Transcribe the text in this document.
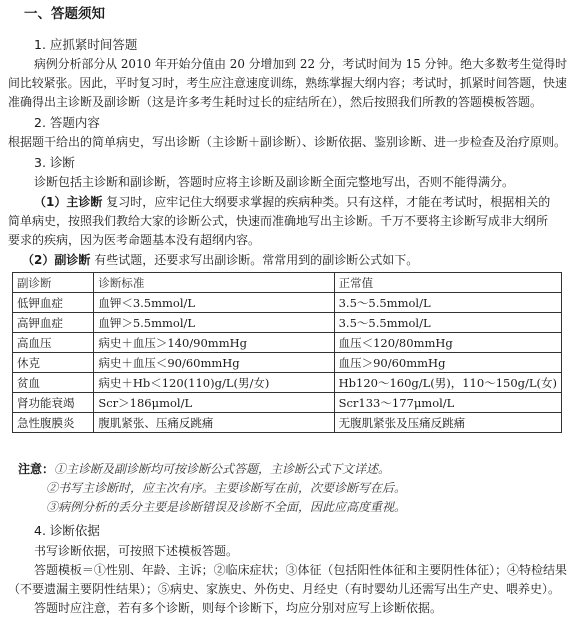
一、答题须知
1. 应抓紧时间答题
病例分析部分从 2010 年开始分值由 20 分增加到 22 分，考试时间为 15 分钟。绝大多数考生觉得时
间比较紧张。因此，平时复习时，考生应注意速度训练，熟练掌握大纲内容；考试时，抓紧时间答题，快速
准确得出主诊断及副诊断（这是许多考生耗时过长的症结所在），然后按照我们所教的答题模板答题。
2. 答题内容
根据题干给出的简单病史，写出诊断（主诊断＋副诊断）、诊断依据、鉴别诊断、进一步检查及治疗原则。
3. 诊断
诊断包括主诊断和副诊断，答题时应将主诊断及副诊断全面完整地写出，否则不能得满分。
（1）主诊断 复习时，应牢记住大纲要求掌握的疾病种类。只有这样，才能在考试时，根据相关的
简单病史，按照我们教给大家的诊断公式，快速而准确地写出主诊断。千万不要将主诊断写成非大纲所
要求的疾病，因为医考命题基本没有超纲内容。
（2）副诊断 有些试题，还要求写出副诊断。常常用到的副诊断公式如下。
副诊断	诊断标准	正常值
低钾血症	血钾＜3.5mmol/L	3.5～5.5mmol/L
高钾血症	血钾＞5.5mmol/L	3.5～5.5mmol/L
高血压	病史＋血压＞140/90mmHg	血压＜120/80mmHg
休克	病史＋血压＜90/60mmHg	血压＞90/60mmHg
贫血	病史＋Hb＜120(110)g/L(男/女)	Hb120～160g/L(男)，110～150g/L(女)
肾功能衰竭	Scr＞186μmol/L	Scr133～177μmol/L
急性腹膜炎	腹肌紧张、压痛反跳痛	无腹肌紧张及压痛反跳痛
注意：①主诊断及副诊断均可按诊断公式答题，主诊断公式下文详述。
②书写主诊断时，应主次有序。主要诊断写在前，次要诊断写在后。
③病例分析的丢分主要是诊断错误及诊断不全面，因此应高度重视。
4. 诊断依据
书写诊断依据，可按照下述模板答题。
答题模板＝①性别、年龄、主诉；②临床症状；③体征（包括阳性体征和主要阴性体征）；④特检结果
（不要遗漏主要阴性结果）；⑤病史、家族史、外伤史、月经史（有时婴幼儿还需写出生产史、喂养史）。
答题时应注意，若有多个诊断，则每个诊断下，均应分别对应写上诊断依据。
